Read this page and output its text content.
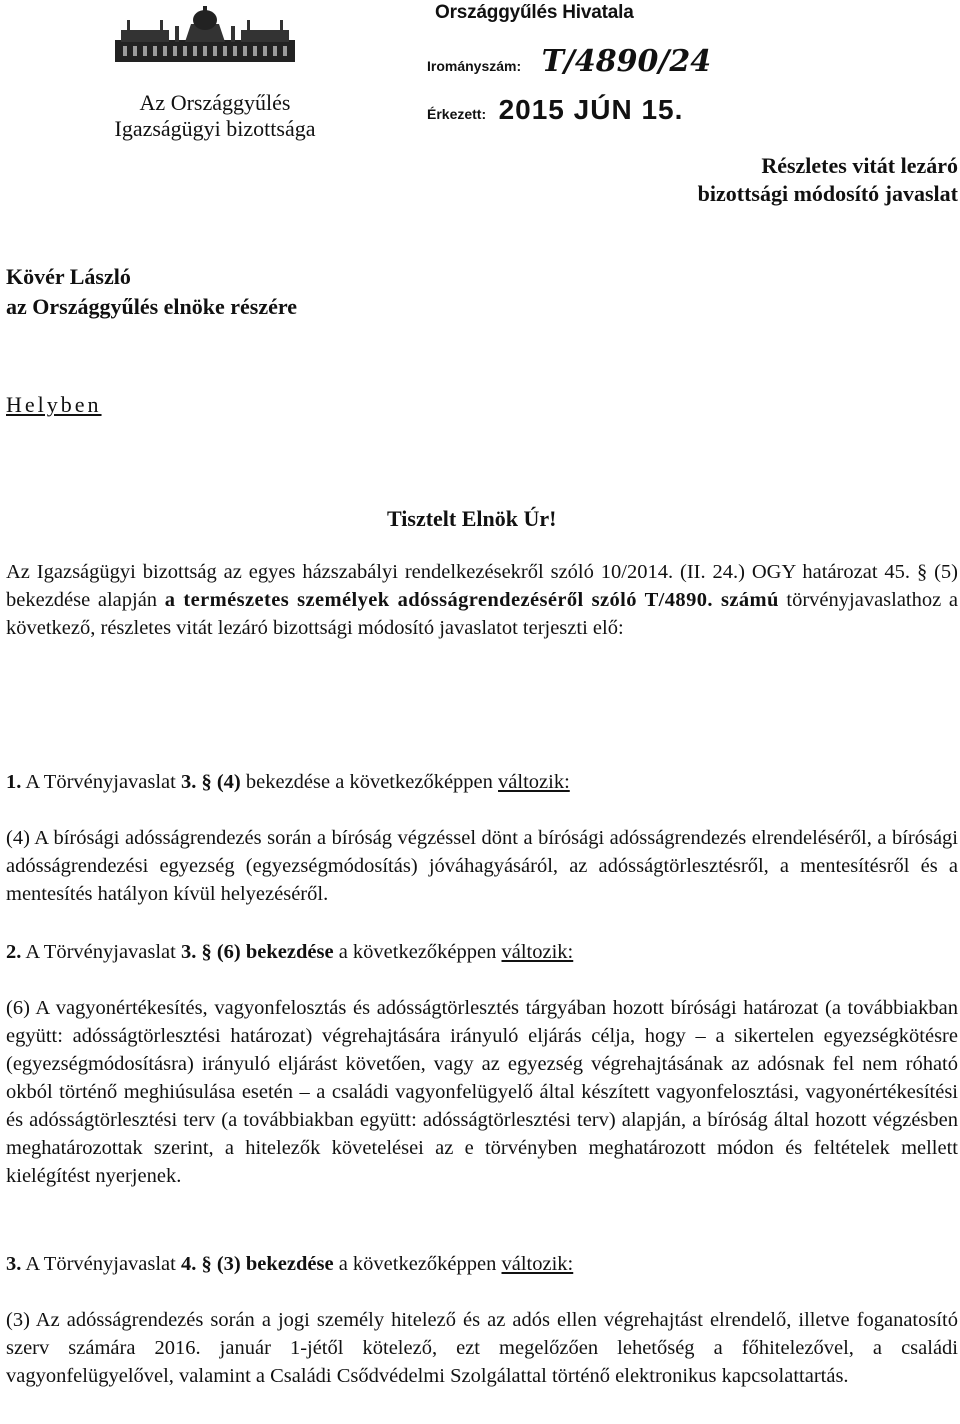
Az Országgyűlés
Igazságügyi bizottsága
Országgyűlés Hivatala
Irományszám: T/4890/24
Érkezett: 2015 JÚN 15.
Részletes vitát lezáró
bizottsági módosító javaslat
Kövér László
az Országgyűlés elnöke részére
Helyben
Tisztelt Elnök Úr!

Az Igazságügyi bizottság az egyes házszabályi rendelkezésekről szóló 10/2014. (II. 24.) OGY határozat 45. § (5) bekezdése alapján a természetes személyek adósságrendezéséről szóló T/4890. számú törvényjavaslathoz a következő, részletes vitát lezáró bizottsági módosító javaslatot terjeszti elő:

1. A Törvényjavaslat 3. § (4) bekezdése a következőképpen változik:

(4) A bírósági adósságrendezés során a bíróság végzéssel dönt a bírósági adósságrendezés elrendeléséről, a bírósági adósságrendezési egyezség (egyezségmódosítás) jóváhagyásáról, az adósságtörlesztésről, a mentesítésről és a mentesítés hatályon kívül helyezéséről.

2. A Törvényjavaslat 3. § (6) bekezdése a következőképpen változik:

(6) A vagyonértékesítés, vagyonfelosztás és adósságtörlesztés tárgyában hozott bírósági határozat (a továbbiakban együtt: adósságtörlesztési határozat) végrehajtására irányuló eljárás célja, hogy – a sikertelen egyezségkötésre (egyezségmódosításra) irányuló eljárást követően, vagy az egyezség végrehajtásának az adósnak fel nem róható okból történő meghiúsulása esetén – a családi vagyonfelügyelő által készített vagyonfelosztási, vagyonértékesítési és adósságtörlesztési terv (a továbbiakban együtt: adósságtörlesztési terv) alapján, a bíróság által hozott végzésben meghatározottak szerint, a hitelezők követelései az e törvényben meghatározott módon és feltételek mellett kielégítést nyerjenek.

3. A Törvényjavaslat 4. § (3) bekezdése a következőképpen változik:

(3) Az adósságrendezés során a jogi személy hitelező és az adós ellen végrehajtást elrendelő, illetve foganatosító szerv számára 2016. január 1-jétől kötelező, ezt megelőzően lehetőség a főhitelezővel, a családi vagyonfelügyelővel, valamint a Családi Csődvédelmi Szolgálattal történő elektronikus kapcsolattartás.
